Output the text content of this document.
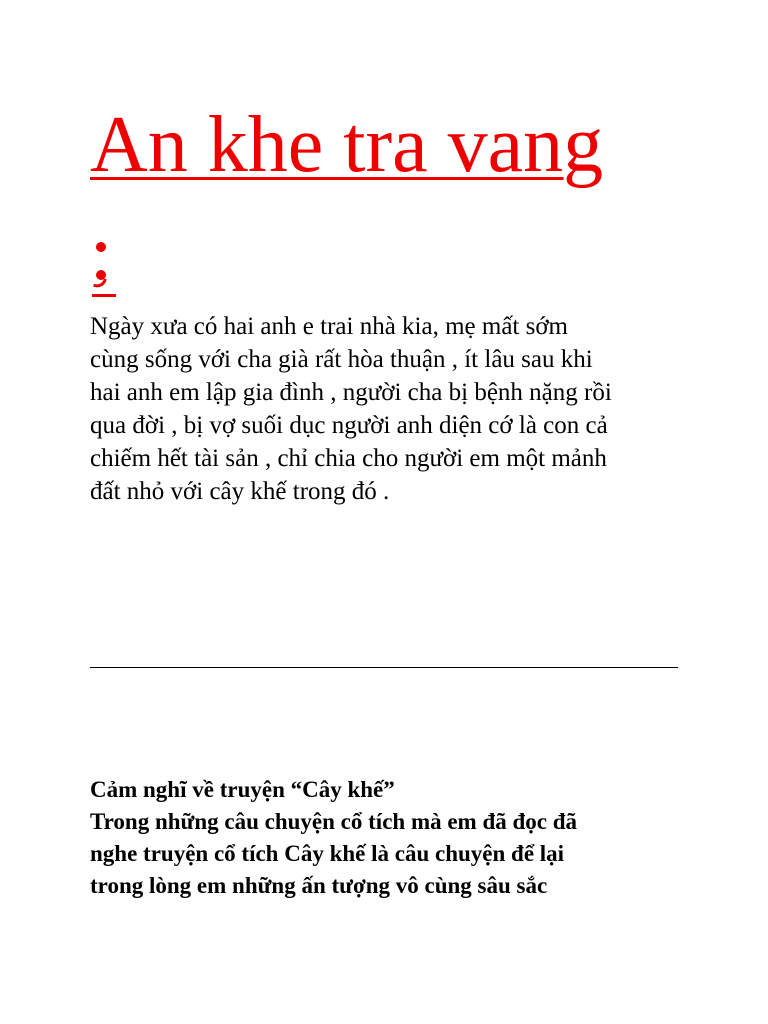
An khe tra vang

Ngày xưa có hai anh e trai nhà kia, mẹ mất sớm
cùng sống với cha già rất hòa thuận , ít lâu sau khi
hai anh em lập gia đình , người cha bị bệnh nặng rồi
qua đời , bị vợ suối dục người anh diện cớ là con cả
chiếm hết tài sản , chỉ chia cho người em một mảnh
đất nhỏ với cây khế trong đó .

Cảm nghĩ về truyện “Cây khế”
Trong những câu chuyện cổ tích mà em đã đọc đã
nghe truyện cổ tích Cây khế là câu chuyện để lại
trong lòng em những ấn tượng vô cùng sâu sắc
